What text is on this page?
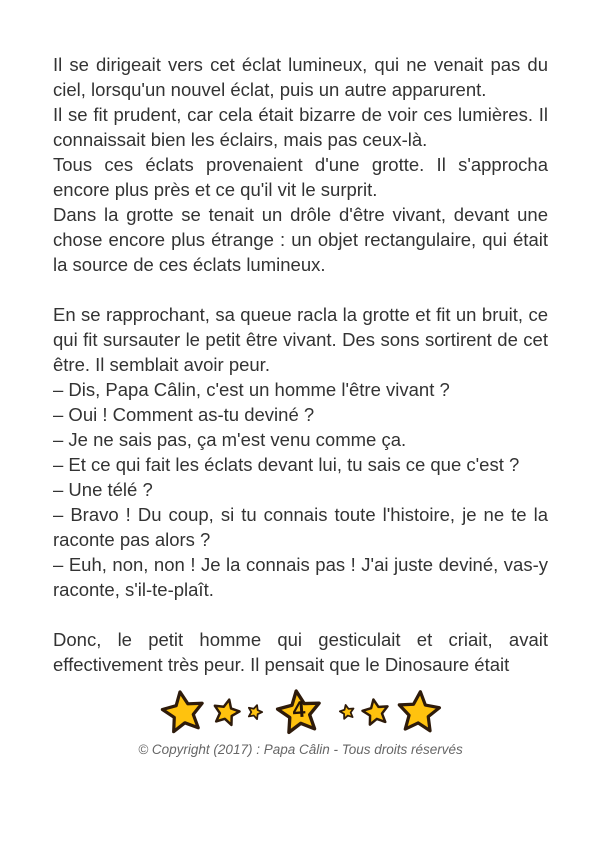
Il se dirigeait vers cet éclat lumineux, qui ne venait pas du ciel, lorsqu'un nouvel éclat, puis un autre apparurent.

Il se fit prudent, car cela était bizarre de voir ces lumières. Il connaissait bien les éclairs, mais pas ceux-là.

Tous ces éclats provenaient d'une grotte. Il s'approcha encore plus près et ce qu'il vit le surprit.

Dans la grotte se tenait un drôle d'être vivant, devant une chose encore plus étrange : un objet rectangulaire, qui était la source de ces éclats lumineux.

En se rapprochant, sa queue racla la grotte et fit un bruit, ce qui fit sursauter le petit être vivant. Des sons sortirent de cet être. Il semblait avoir peur.

– Dis, Papa Câlin, c'est un homme l'être vivant ?

– Oui ! Comment as-tu deviné ?

– Je ne sais pas, ça m'est venu comme ça.

– Et ce qui fait les éclats devant lui, tu sais ce que c'est ?

– Une télé ?

– Bravo ! Du coup, si tu connais toute l'histoire, je ne te la raconte pas alors ?

– Euh, non, non ! Je la connais pas ! J'ai juste deviné, vas-y raconte, s'il-te-plaît.

Donc, le petit homme qui gesticulait et criait, avait effectivement très peur. Il pensait que le Dinosaure était

4
© Copyright (2017) : Papa Câlin - Tous droits réservés
